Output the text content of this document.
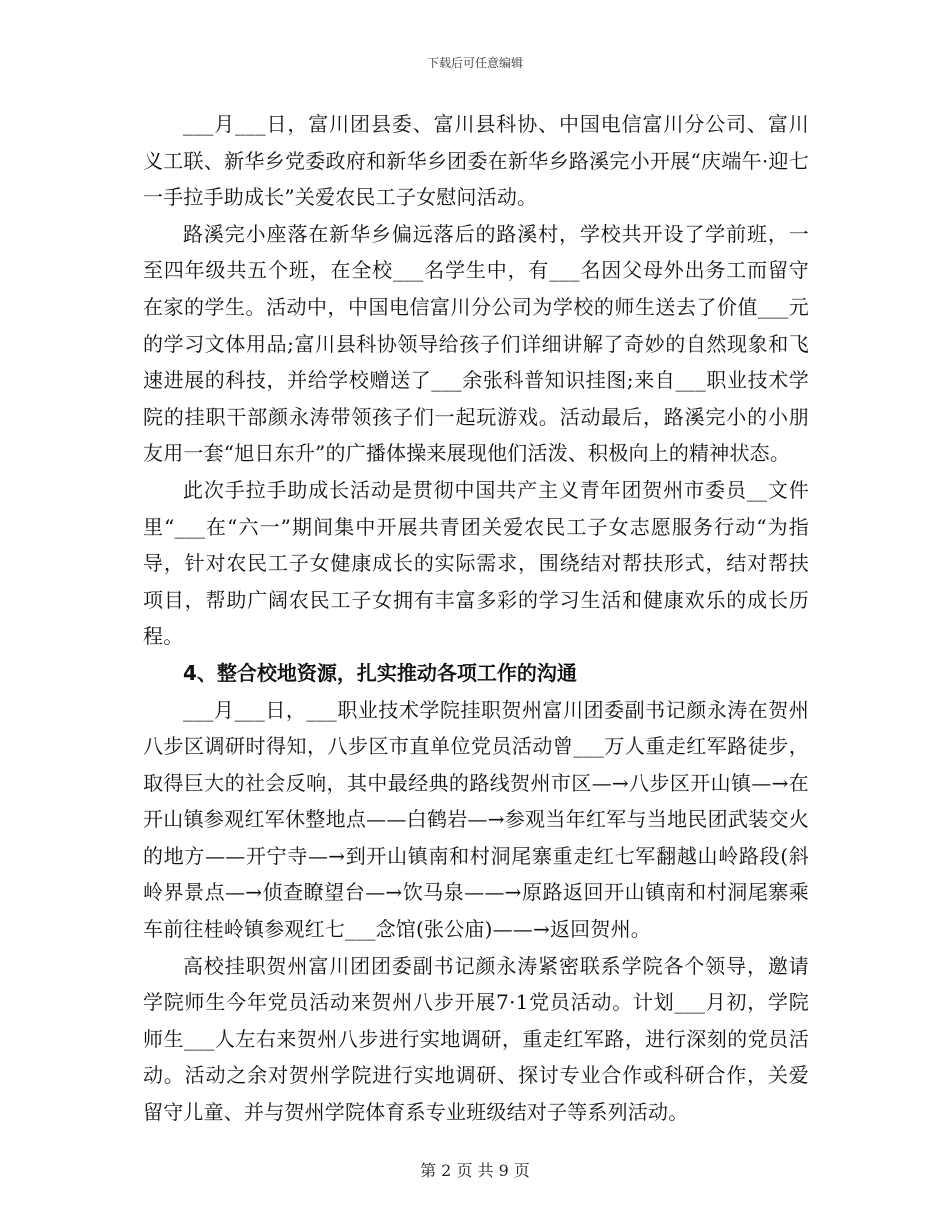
下载后可任意编辑

___月___日，富川团县委、富川县科协、中国电信富川分公司、富川义工联、新华乡党委政府和新华乡团委在新华乡路溪完小开展“庆端午·迎七一手拉手助成长”关爱农民工子女慰问活动。

路溪完小座落在新华乡偏远落后的路溪村，学校共开设了学前班，一至四年级共五个班，在全校___名学生中，有___名因父母外出务工而留守在家的学生。活动中，中国电信富川分公司为学校的师生送去了价值___元的学习文体用品;富川县科协领导给孩子们详细讲解了奇妙的自然现象和飞速进展的科技，并给学校赠送了___余张科普知识挂图;来自___职业技术学院的挂职干部颜永涛带领孩子们一起玩游戏。活动最后，路溪完小的小朋友用一套“旭日东升”的广播体操来展现他们活泼、积极向上的精神状态。

此次手拉手助成长活动是贯彻中国共产主义青年团贺州市委员__文件里“___在“六一”期间集中开展共青团关爱农民工子女志愿服务行动“为指导，针对农民工子女健康成长的实际需求，围绕结对帮扶形式，结对帮扶项目，帮助广阔农民工子女拥有丰富多彩的学习生活和健康欢乐的成长历程。

4、整合校地资源，扎实推动各项工作的沟通

___月___日，___职业技术学院挂职贺州富川团委副书记颜永涛在贺州八步区调研时得知，八步区市直单位党员活动曾___万人重走红军路徒步，取得巨大的社会反响，其中最经典的路线贺州市区—→八步区开山镇—→在开山镇参观红军休整地点——白鹤岩—→参观当年红军与当地民团武装交火的地方——开宁寺—→到开山镇南和村洞尾寨重走红七军翻越山岭路段(斜岭界景点—→侦查瞭望台—→饮马泉——→原路返回开山镇南和村洞尾寨乘车前往桂岭镇参观红七___念馆(张公庙)——→返回贺州。

高校挂职贺州富川团团委副书记颜永涛紧密联系学院各个领导，邀请学院师生今年党员活动来贺州八步开展7·1党员活动。计划___月初，学院师生___人左右来贺州八步进行实地调研，重走红军路，进行深刻的党员活动。活动之余对贺州学院进行实地调研、探讨专业合作或科研合作，关爱留守儿童、并与贺州学院体育系专业班级结对子等系列活动。

第 2 页 共 9 页
